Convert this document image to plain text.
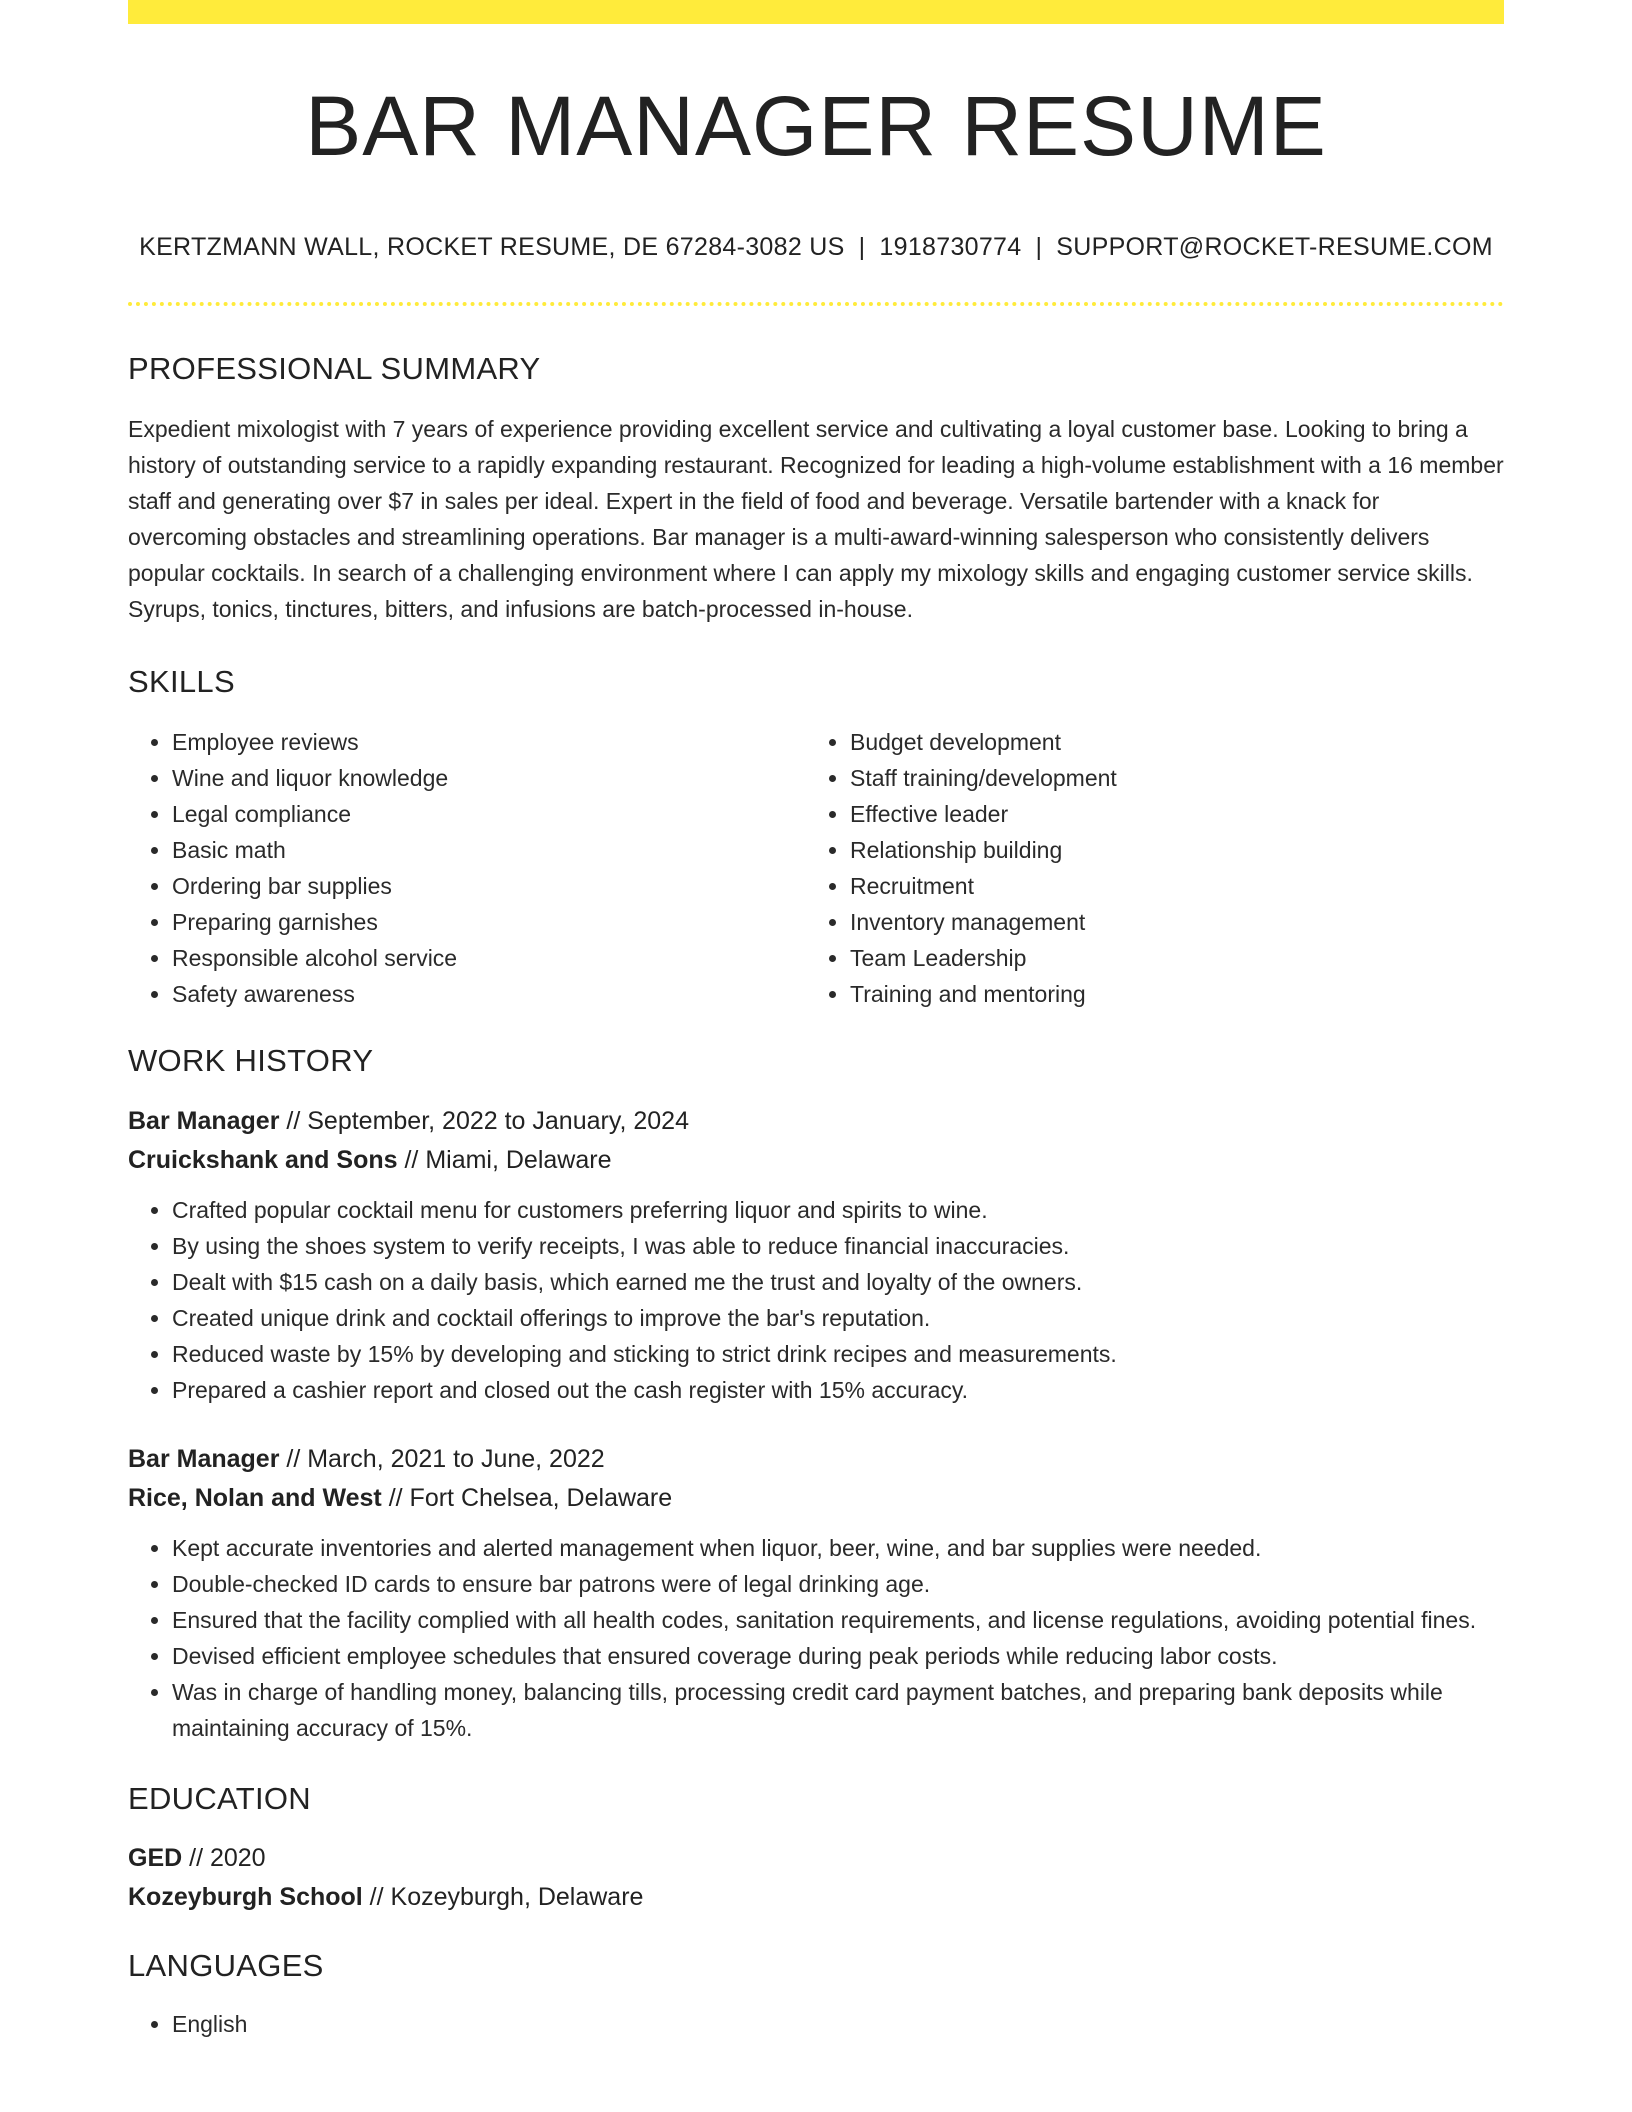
BAR MANAGER RESUME
KERTZMANN WALL, ROCKET RESUME, DE 67284-3082 US | 1918730774 | SUPPORT@ROCKET-RESUME.COM
PROFESSIONAL SUMMARY

Expedient mixologist with 7 years of experience providing excellent service and cultivating a loyal customer base. Looking to bring a history of outstanding service to a rapidly expanding restaurant. Recognized for leading a high-volume establishment with a 16 member staff and generating over $7 in sales per ideal. Expert in the field of food and beverage. Versatile bartender with a knack for overcoming obstacles and streamlining operations. Bar manager is a multi-award-winning salesperson who consistently delivers popular cocktails. In search of a challenging environment where I can apply my mixology skills and engaging customer service skills. Syrups, tonics, tinctures, bitters, and infusions are batch-processed in-house.

SKILLS
• Employee reviews
• Wine and liquor knowledge
• Legal compliance
• Basic math
• Ordering bar supplies
• Preparing garnishes
• Responsible alcohol service
• Safety awareness
• Budget development
• Staff training/development
• Effective leader
• Relationship building
• Recruitment
• Inventory management
• Team Leadership
• Training and mentoring
WORK HISTORY
Bar Manager // September, 2022 to January, 2024
Cruickshank and Sons // Miami, Delaware
• Crafted popular cocktail menu for customers preferring liquor and spirits to wine.
• By using the shoes system to verify receipts, I was able to reduce financial inaccuracies.
• Dealt with $15 cash on a daily basis, which earned me the trust and loyalty of the owners.
• Created unique drink and cocktail offerings to improve the bar's reputation.
• Reduced waste by 15% by developing and sticking to strict drink recipes and measurements.
• Prepared a cashier report and closed out the cash register with 15% accuracy.
Bar Manager // March, 2021 to June, 2022
Rice, Nolan and West // Fort Chelsea, Delaware
• Kept accurate inventories and alerted management when liquor, beer, wine, and bar supplies were needed.
• Double-checked ID cards to ensure bar patrons were of legal drinking age.
• Ensured that the facility complied with all health codes, sanitation requirements, and license regulations, avoiding potential fines.
• Devised efficient employee schedules that ensured coverage during peak periods while reducing labor costs.
• Was in charge of handling money, balancing tills, processing credit card payment batches, and preparing bank deposits while maintaining accuracy of 15%.
EDUCATION
GED // 2020
Kozeyburgh School // Kozeyburgh, Delaware
LANGUAGES
• English
